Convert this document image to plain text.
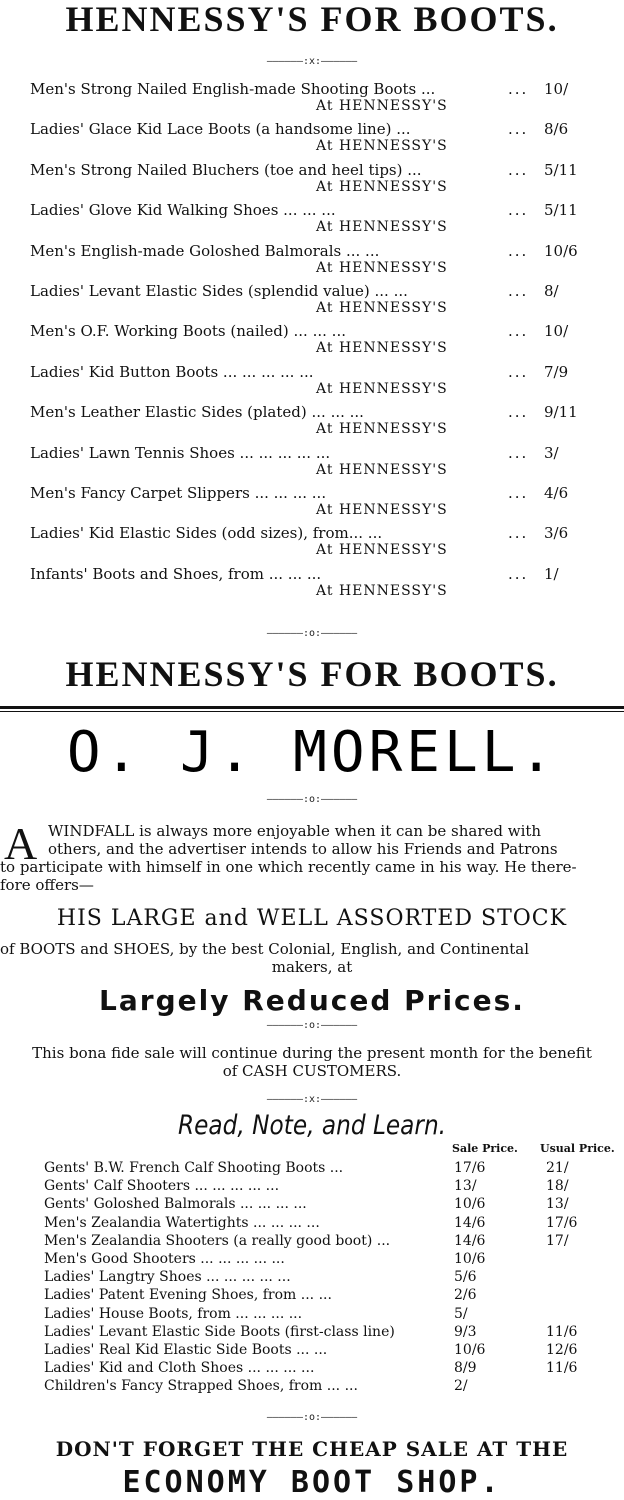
HENNESSY'S FOR BOOTS.
——————:x:——————
Men's Strong Nailed English-made Shooting Boots ...	... 10/
At HENNESSY'S
Ladies' Glace Kid Lace Boots (a handsome line) ...	... 8/6
At HENNESSY'S
Men's Strong Nailed Bluchers (toe and heel tips) ...	... 5/11
At HENNESSY'S
Ladies' Glove Kid Walking Shoes ... ... ...	... 5/11
At HENNESSY'S
Men's English-made Goloshed Balmorals ... ...	... 10/6
At HENNESSY'S
Ladies' Levant Elastic Sides (splendid value) ... ...	... 8/
At HENNESSY'S
Men's O.F. Working Boots (nailed) ... ... ...	... 10/
At HENNESSY'S
Ladies' Kid Button Boots ... ... ... ... ...	... 7/9
At HENNESSY'S
Men's Leather Elastic Sides (plated) ... ... ...	... 9/11
At HENNESSY'S
Ladies' Lawn Tennis Shoes ... ... ... ... ...	... 3/
At HENNESSY'S
Men's Fancy Carpet Slippers ... ... ... ...	... 4/6
At HENNESSY'S
Ladies' Kid Elastic Sides (odd sizes), from... ...	... 3/6
At HENNESSY'S
Infants' Boots and Shoes, from ... ... ...	... 1/
At HENNESSY'S
——————:o:——————
HENNESSY'S FOR BOOTS.
O. J. MORELL.
——————:o:——————
A WINDFALL is always more enjoyable when it can be shared with
others, and the advertiser intends to allow his Friends and Patrons
to participate with himself in one which recently came in his way. He there-
fore offers—
HIS LARGE and WELL ASSORTED STOCK
of BOOTS and SHOES, by the best Colonial, English, and Continental
makers, at
Largely Reduced Prices.
——————:o:——————
This bona fide sale will continue during the present month for the benefit
of CASH CUSTOMERS.
——————:x:——————
Read, Note, and Learn.
Sale Price. Usual Price.
Gents' B.W. French Calf Shooting Boots ...	17/6	21/
Gents' Calf Shooters ... ... ... ... ...	13/	18/
Gents' Goloshed Balmorals ... ... ... ...	10/6	13/
Men's Zealandia Watertights ... ... ... ...	14/6	17/6
Men's Zealandia Shooters (a really good boot) ...	14/6	17/
Men's Good Shooters ... ... ... ... ...	10/6
Ladies' Langtry Shoes ... ... ... ... ...	5/6
Ladies' Patent Evening Shoes, from ... ...	2/6
Ladies' House Boots, from ... ... ... ...	5/
Ladies' Levant Elastic Side Boots (first-class line)	9/3	11/6
Ladies' Real Kid Elastic Side Boots ... ...	10/6	12/6
Ladies' Kid and Cloth Shoes ... ... ... ...	8/9	11/6
Children's Fancy Strapped Shoes, from ... ...	2/
——————:o:——————
DON'T FORGET THE CHEAP SALE AT THE
ECONOMY BOOT SHOP.
